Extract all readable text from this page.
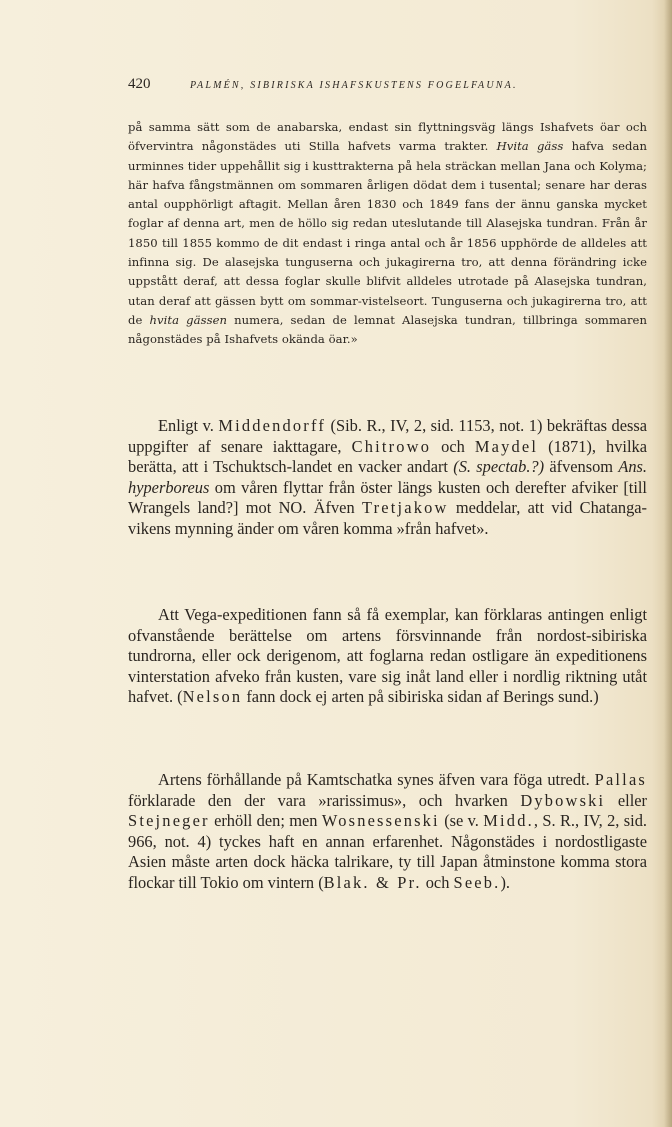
420	PALMÉN, SIBIRISKA ISHAFSKUSTENS FOGELFAUNA.

på samma sätt som de anabarska, endast sin flyttningsväg längs Ishafvets öar och öfvervintra någonstädes uti Stilla hafvets varma trakter. Hvita gäss hafva sedan urminnes tider uppehållit sig i kusttrakterna på hela sträckan mellan Jana och Kolyma; här hafva fångstmännen om sommaren årligen dödat dem i tusental; senare har deras antal oupphörligt aftagit. Mellan åren 1830 och 1849 fans der ännu ganska mycket foglar af denna art, men de höllo sig redan uteslutande till Alasejska tundran. Från år 1850 till 1855 kommo de dit endast i ringa antal och år 1856 upphörde de alldeles att infinna sig. De alasejska tunguserna och jukagirerna tro, att denna förändring icke uppstått deraf, att dessa foglar skulle blifvit alldeles utrotade på Alasejska tundran, utan deraf att gässen bytt om sommar-vistelseort. Tunguserna och jukagirerna tro, att de hvita gässen numera, sedan de lemnat Alasejska tundran, tillbringa sommaren någonstädes på Ishafvets okända öar.»

Enligt v. Middendorff (Sib. R., IV, 2, sid. 1153, not. 1) bekräftas dessa uppgifter af senare iakttagare, Chitrowo och Maydel (1871), hvilka berätta, att i Tschuktsch-landet en vacker andart (S. spectab.?) äfvensom Ans. hyperboreus om våren flyttar från öster längs kusten och derefter afviker [till Wrangels land?] mot NO. Äfven Tretjakow meddelar, att vid Chatanga-vikens mynning änder om våren komma »från hafvet».

Att Vega-expeditionen fann så få exemplar, kan förklaras antingen enligt ofvanstående berättelse om artens försvinnande från nordost-sibiriska tundrorna, eller ock derigenom, att foglarna redan ostligare än expeditionens vinterstation afveko från kusten, vare sig inåt land eller i nordlig riktning utåt hafvet. (Nelson fann dock ej arten på sibiriska sidan af Berings sund.)

Artens förhållande på Kamtschatka synes äfven vara föga utredt. Pallas förklarade den der vara »rarissimus», och hvarken Dybowski eller Stejneger erhöll den; men Wosnessenski (se v. Midd., S. R., IV, 2, sid. 966, not. 4) tyckes haft en annan erfarenhet. Någonstädes i nordostligaste Asien måste arten dock häcka talrikare, ty till Japan åtminstone komma stora flockar till Tokio om vintern (Blak. & Pr. och Seeb.).
